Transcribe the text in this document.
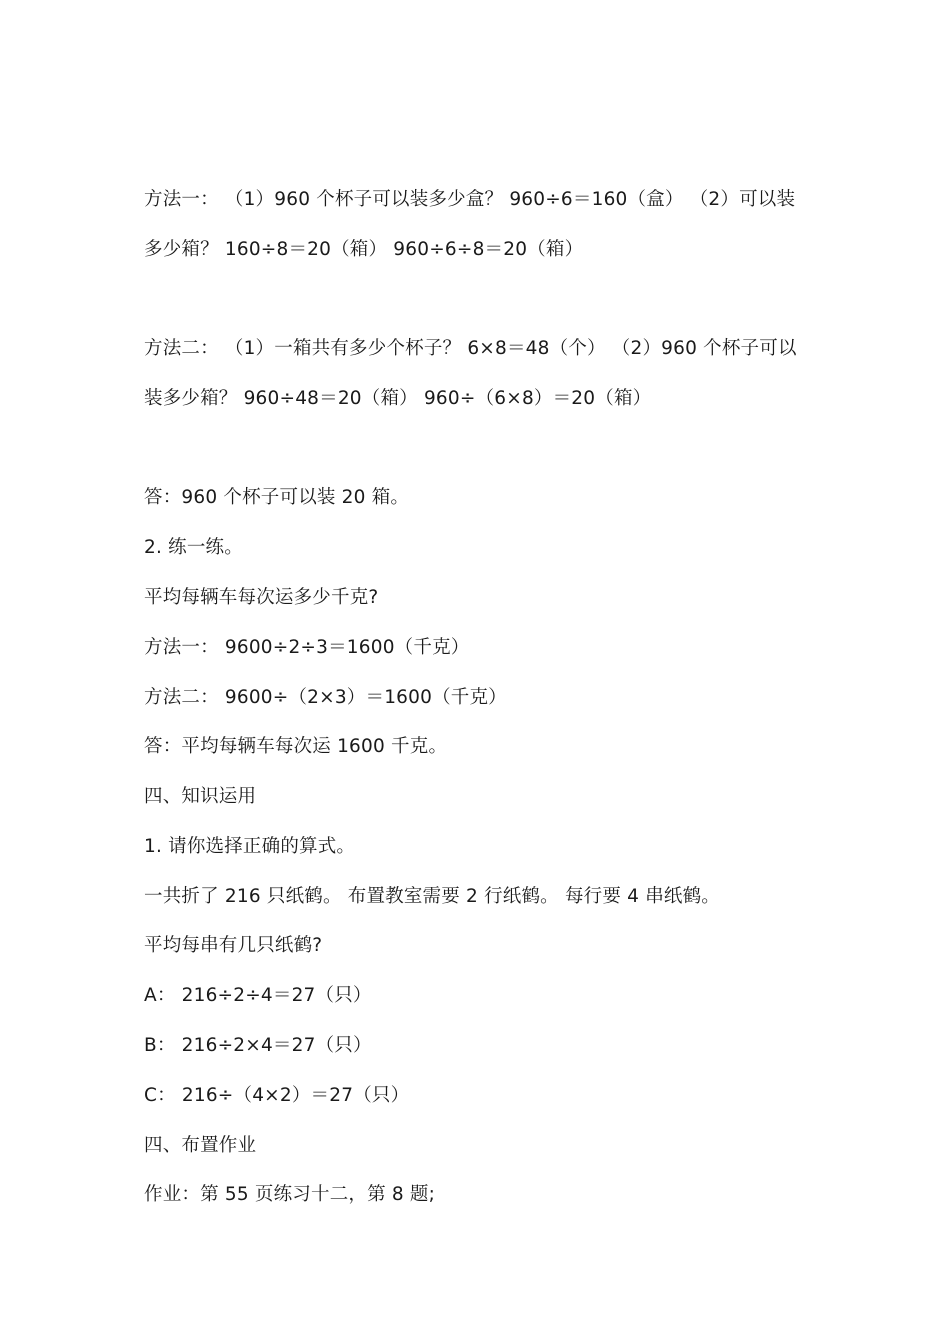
方法一： （1）960 个杯子可以装多少盒？ 960÷6＝160（盒） （2）可以装
多少箱？ 160÷8＝20（箱） 960÷6÷8＝20（箱）
方法二： （1）一箱共有多少个杯子？ 6×8＝48（个） （2）960 个杯子可以
装多少箱？ 960÷48＝20（箱） 960÷（6×8）＝20（箱）
答：960 个杯子可以装 20 箱。
2. 练一练。
平均每辆车每次运多少千克?
方法一： 9600÷2÷3＝1600（千克）
方法二： 9600÷（2×3）＝1600（千克）
答：平均每辆车每次运 1600 千克。
四、知识运用
1. 请你选择正确的算式。
一共折了 216 只纸鹤。 布置教室需要 2 行纸鹤。 每行要 4 串纸鹤。
平均每串有几只纸鹤?
A： 216÷2÷4＝27（只）
B： 216÷2×4＝27（只）
C： 216÷（4×2）＝27（只）
四、布置作业
作业：第 55 页练习十二，第 8 题;
